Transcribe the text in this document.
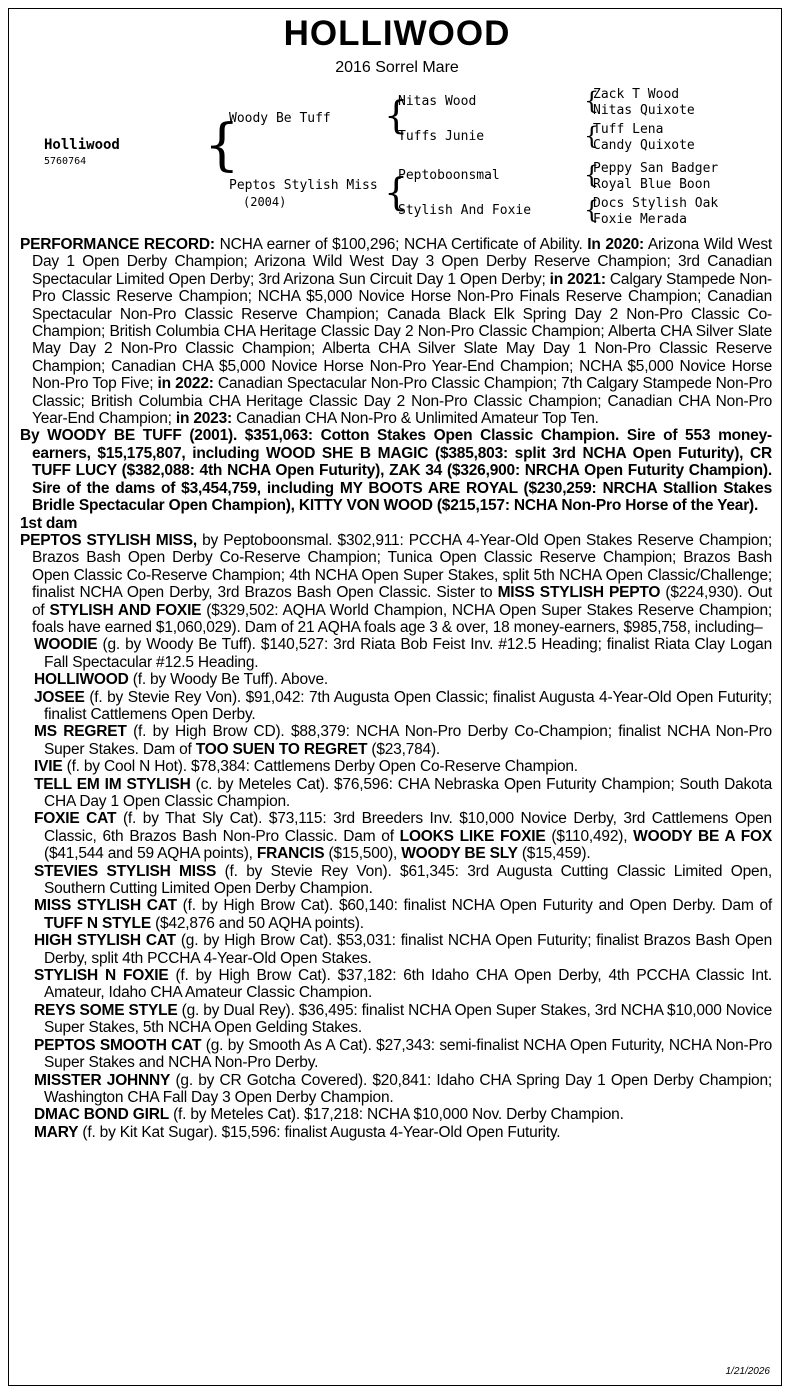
HOLLIWOOD
2016 Sorrel Mare
Holliwood
5760764 {
Woody Be Tuff
Peptos Stylish Miss
(2004)
{
Nitas Wood
Tuffs Junie
{
Peptoboonsmal
Stylish And Foxie
{
{
{
{
Zack T Wood
Nitas Quixote
Tuff Lena
Candy Quixote
Peppy San Badger
Royal Blue Boon
Docs Stylish Oak
Foxie Merada

PERFORMANCE RECORD: NCHA earner of $100,296; NCHA Certificate of Ability. In 2020: Arizona Wild West Day 1 Open Derby Champion; Arizona Wild West Day 3 Open Derby Reserve Champion; 3rd Canadian Spectacular Limited Open Derby; 3rd Arizona Sun Circuit Day 1 Open Derby; in 2021: Calgary Stampede Non-Pro Classic Reserve Champion; NCHA $5,000 Novice Horse Non-Pro Finals Reserve Champion; Canadian Spectacular Non-Pro Classic Reserve Champion; Canada Black Elk Spring Day 2 Non-Pro Classic Co-Champion; British Columbia CHA Heritage Classic Day 2 Non-Pro Classic Champion; Alberta CHA Silver Slate May Day 2 Non-Pro Classic Champion; Alberta CHA Silver Slate May Day 1 Non-Pro Classic Reserve Champion; Canadian CHA $5,000 Novice Horse Non-Pro Year-End Champion; NCHA $5,000 Novice Horse Non-Pro Top Five; in 2022: Canadian Spectacular Non-Pro Classic Champion; 7th Calgary Stampede Non-Pro Classic; British Columbia CHA Heritage Classic Day 2 Non-Pro Classic Champion; Canadian CHA Non-Pro Year-End Champion; in 2023: Canadian CHA Non-Pro & Unlimited Amateur Top Ten.

By WOODY BE TUFF (2001). $351,063: Cotton Stakes Open Classic Champion. Sire of 553 money-earners, $15,175,807, including WOOD SHE B MAGIC ($385,803: split 3rd NCHA Open Futurity), CR TUFF LUCY ($382,088: 4th NCHA Open Futurity), ZAK 34 ($326,900: NRCHA Open Futurity Champion). Sire of the dams of $3,454,759, including MY BOOTS ARE ROYAL ($230,259: NRCHA Stallion Stakes Bridle Spectacular Open Champion), KITTY VON WOOD ($215,157: NCHA Non-Pro Horse of the Year).

1st dam

PEPTOS STYLISH MISS, by Peptoboonsmal. $302,911: PCCHA 4-Year-Old Open Stakes Reserve Champion; Brazos Bash Open Derby Co-Reserve Champion; Tunica Open Classic Reserve Champion; Brazos Bash Open Classic Co-Reserve Champion; 4th NCHA Open Super Stakes, split 5th NCHA Open Classic/Challenge; finalist NCHA Open Derby, 3rd Brazos Bash Open Classic. Sister to MISS STYLISH PEPTO ($224,930). Out of STYLISH AND FOXIE ($329,502: AQHA World Champion, NCHA Open Super Stakes Reserve Champion; foals have earned $1,060,029). Dam of 21 AQHA foals age 3 & over, 18 money-earners, $985,758, including–

WOODIE (g. by Woody Be Tuff). $140,527: 3rd Riata Bob Feist Inv. #12.5 Heading; finalist Riata Clay Logan Fall Spectacular #12.5 Heading.

HOLLIWOOD (f. by Woody Be Tuff). Above.

JOSEE (f. by Stevie Rey Von). $91,042: 7th Augusta Open Classic; finalist Augusta 4-Year-Old Open Futurity; finalist Cattlemens Open Derby.

MS REGRET (f. by High Brow CD). $88,379: NCHA Non-Pro Derby Co-Champion; finalist NCHA Non-Pro Super Stakes. Dam of TOO SUEN TO REGRET ($23,784).

IVIE (f. by Cool N Hot). $78,384: Cattlemens Derby Open Co-Reserve Champion.

TELL EM IM STYLISH (c. by Meteles Cat). $76,596: CHA Nebraska Open Futurity Champion; South Dakota CHA Day 1 Open Classic Champion.

FOXIE CAT (f. by That Sly Cat). $73,115: 3rd Breeders Inv. $10,000 Novice Derby, 3rd Cattlemens Open Classic, 6th Brazos Bash Non-Pro Classic. Dam of LOOKS LIKE FOXIE ($110,492), WOODY BE A FOX ($41,544 and 59 AQHA points), FRANCIS ($15,500), WOODY BE SLY ($15,459).

STEVIES STYLISH MISS (f. by Stevie Rey Von). $61,345: 3rd Augusta Cutting Classic Limited Open, Southern Cutting Limited Open Derby Champion.

MISS STYLISH CAT (f. by High Brow Cat). $60,140: finalist NCHA Open Futurity and Open Derby. Dam of TUFF N STYLE ($42,876 and 50 AQHA points).

HIGH STYLISH CAT (g. by High Brow Cat). $53,031: finalist NCHA Open Futurity; finalist Brazos Bash Open Derby, split 4th PCCHA 4-Year-Old Open Stakes.

STYLISH N FOXIE (f. by High Brow Cat). $37,182: 6th Idaho CHA Open Derby, 4th PCCHA Classic Int. Amateur, Idaho CHA Amateur Classic Champion.

REYS SOME STYLE (g. by Dual Rey). $36,495: finalist NCHA Open Super Stakes, 3rd NCHA $10,000 Novice Super Stakes, 5th NCHA Open Gelding Stakes.

PEPTOS SMOOTH CAT (g. by Smooth As A Cat). $27,343: semi-finalist NCHA Open Futurity, NCHA Non-Pro Super Stakes and NCHA Non-Pro Derby.

MISSTER JOHNNY (g. by CR Gotcha Covered). $20,841: Idaho CHA Spring Day 1 Open Derby Champion; Washington CHA Fall Day 3 Open Derby Champion.

DMAC BOND GIRL (f. by Meteles Cat). $17,218: NCHA $10,000 Nov. Derby Champion.

MARY (f. by Kit Kat Sugar). $15,596: finalist Augusta 4-Year-Old Open Futurity.

1/21/2026
